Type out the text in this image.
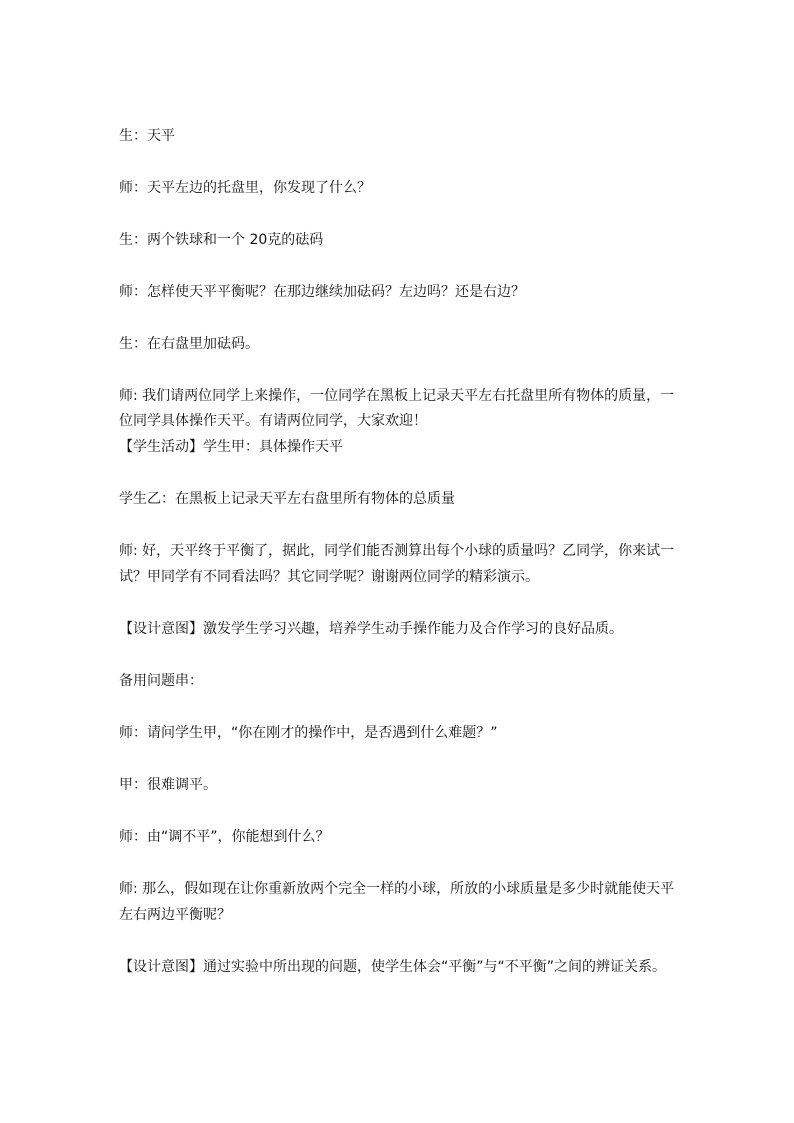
生：天平
师：天平左边的托盘里，你发现了什么？
生：两个铁球和一个 20克的砝码
师：怎样使天平平衡呢？在那边继续加砝码？左边吗？还是右边？
生：在右盘里加砝码。
师: 我们请两位同学上来操作，一位同学在黑板上记录天平左右托盘里所有物体的质量，一
位同学具体操作天平。有请两位同学，大家欢迎！
【学生活动】学生甲：具体操作天平
学生乙：在黑板上记录天平左右盘里所有物体的总质量
师: 好，天平终于平衡了，据此，同学们能否测算出每个小球的质量吗？乙同学，你来试一
试？甲同学有不同看法吗？其它同学呢？谢谢两位同学的精彩演示。
【设计意图】激发学生学习兴趣，培养学生动手操作能力及合作学习的良好品质。
备用问题串：
师：请问学生甲，“你在刚才的操作中，是否遇到什么难题？”
甲：很难调平。
师：由“调不平”，你能想到什么？
师: 那么，假如现在让你重新放两个完全一样的小球，所放的小球质量是多少时就能使天平
左右两边平衡呢？
【设计意图】通过实验中所出现的问题，使学生体会“平衡”与“不平衡”之间的辨证关系。
